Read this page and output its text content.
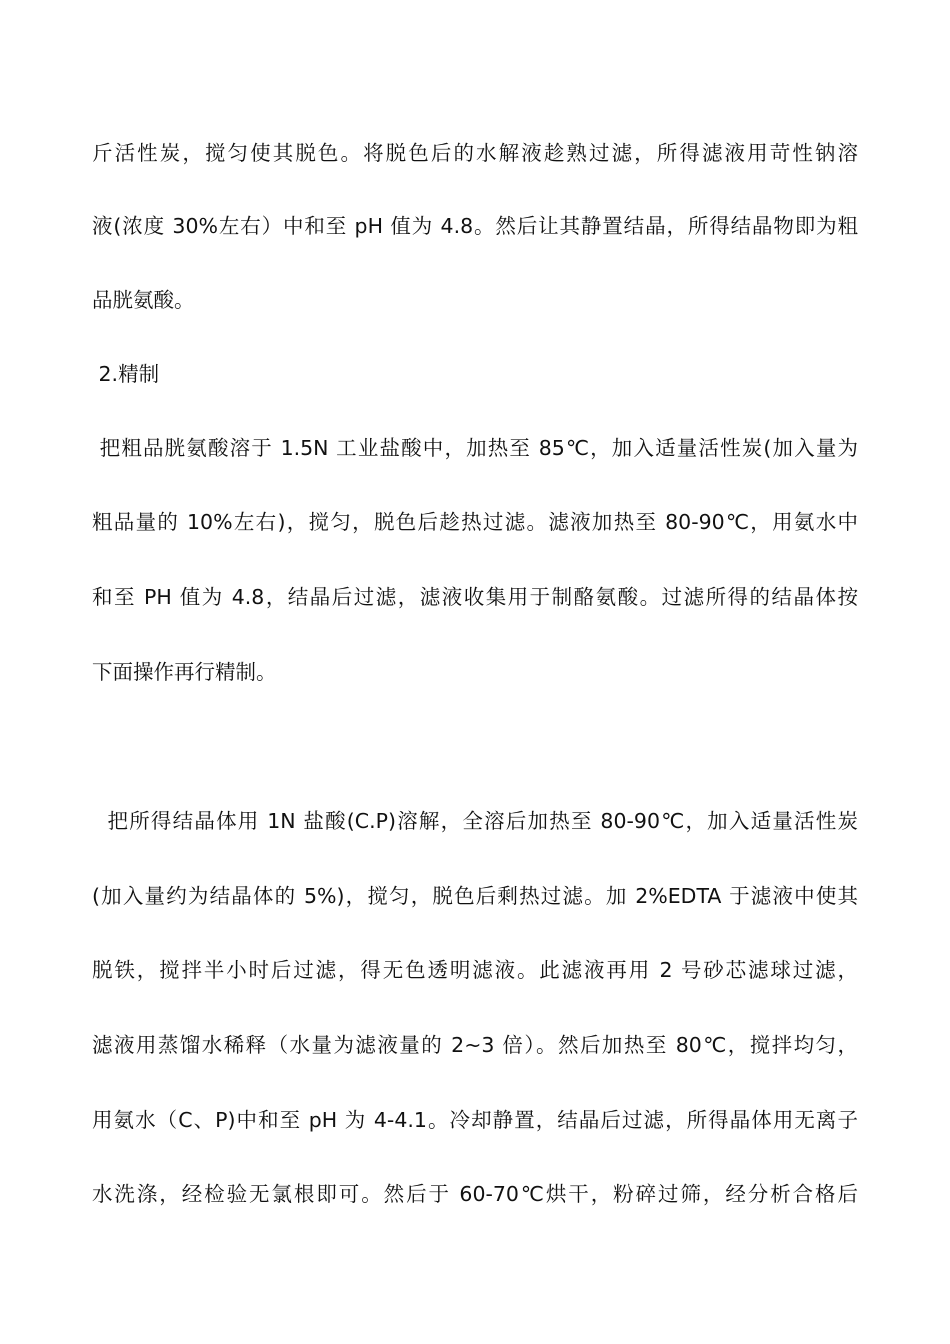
斤活性炭，搅匀使其脱色。将脱色后的水解液趁熟过滤，所得滤液用苛性钠溶
液(浓度 30%左右）中和至 pH 值为 4.8。然后让其静置结晶，所得结晶物即为粗
品胱氨酸。
2.精制
把粗品胱氨酸溶于 1.5N 工业盐酸中，加热至 85℃，加入适量活性炭(加入量为
粗品量的 10%左右)，搅匀，脱色后趁热过滤。滤液加热至 80-90℃，用氨水中
和至 PH 值为 4.8，结晶后过滤，滤液收集用于制酪氨酸。过滤所得的结晶体按
下面操作再行精制。
把所得结晶体用 1N 盐酸(C.P)溶解，全溶后加热至 80-90℃，加入适量活性炭
(加入量约为结晶体的 5%)，搅匀，脱色后剩热过滤。加 2%EDTA 于滤液中使其
脱铁，搅拌半小时后过滤，得无色透明滤液。此滤液再用 2 号砂芯滤球过滤，
滤液用蒸馏水稀释（水量为滤液量的 2~3 倍）。然后加热至 80℃，搅拌均匀，
用氨水（C、P)中和至 pH 为 4-4.1。冷却静置，结晶后过滤，所得晶体用无离子
水洗涤，经检验无氯根即可。然后于 60-70℃烘干，粉碎过筛，经分析合格后
